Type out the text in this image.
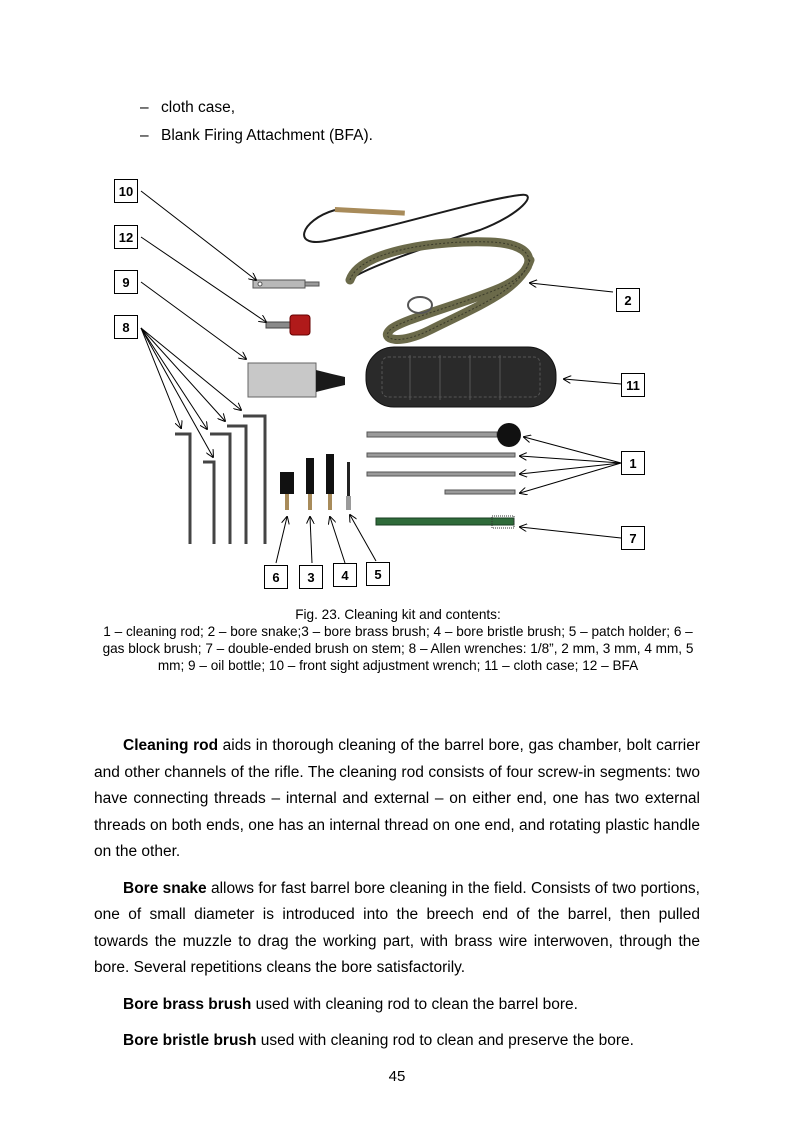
– cloth case,
– Blank Firing Attachment (BFA).
10
12
9
8
2
11
1
7
6	3	4	5
Fig. 23. Cleaning kit and contents:
1 – cleaning rod; 2 – bore snake;3 – bore brass brush; 4 – bore bristle brush; 5 – patch holder; 6 – gas block brush; 7 – double-ended brush on stem; 8 – Allen wrenches: 1/8”, 2 mm, 3 mm, 4 mm, 5 mm; 9 – oil bottle; 10 – front sight adjustment wrench; 11 – cloth case; 12 – BFA

Cleaning rod aids in thorough cleaning of the barrel bore, gas chamber, bolt carrier and other channels of the rifle. The cleaning rod consists of four screw-in segments: two have connecting threads – internal and external – on either end, one has two external threads on both ends, one has an internal thread on one end, and rotating plastic handle on the other.

Bore snake allows for fast barrel bore cleaning in the field. Consists of two portions, one of small diameter is introduced into the breech end of the barrel, then pulled towards the muzzle to drag the working part, with brass wire interwoven, through the bore. Several repetitions cleans the bore satisfactorily.

Bore brass brush used with cleaning rod to clean the barrel bore.

Bore bristle brush used with cleaning rod to clean and preserve the bore.

45
